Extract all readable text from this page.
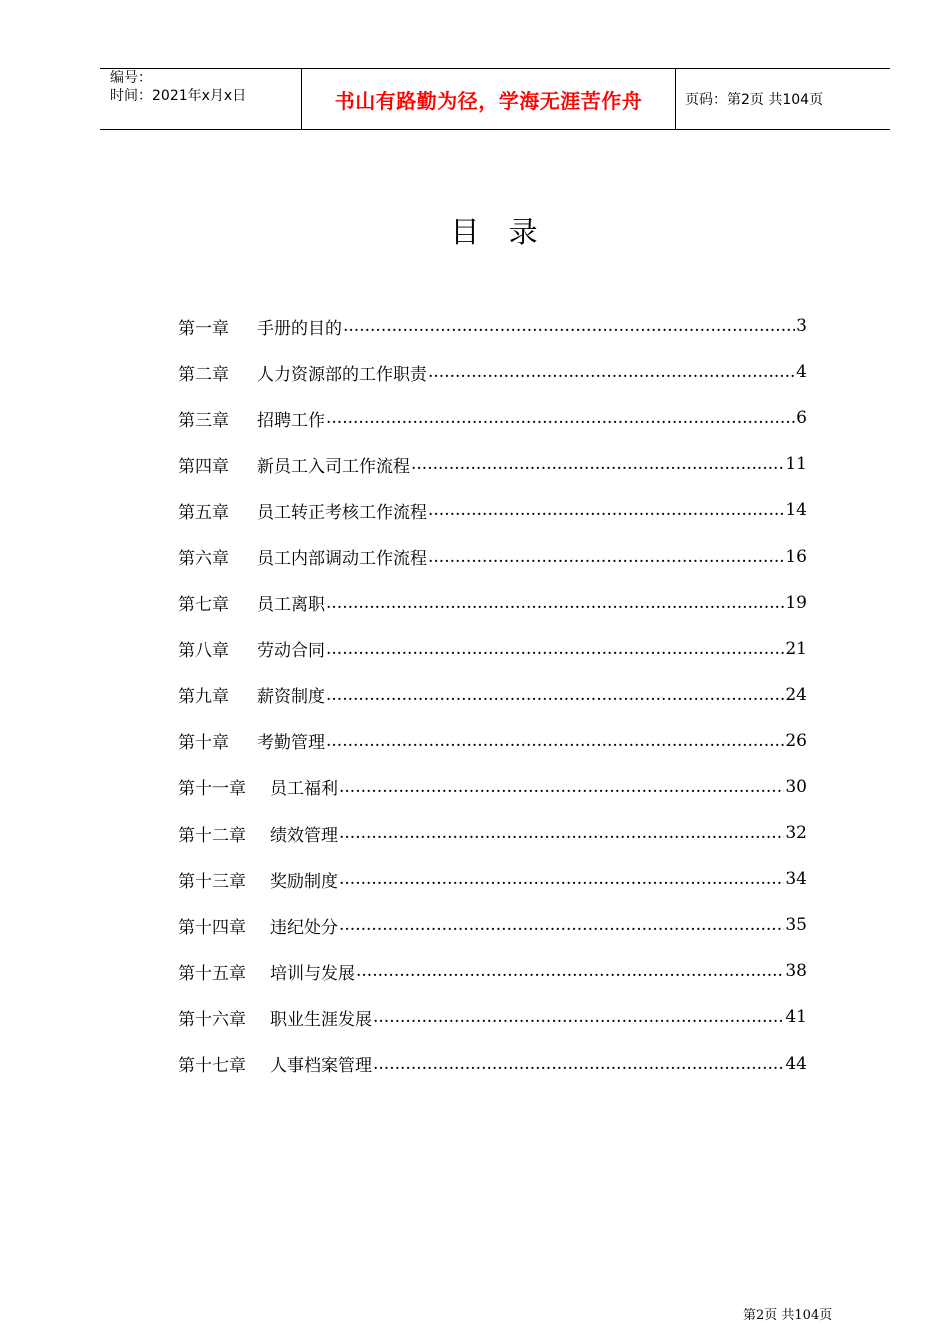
编号：
时间：2021年x月x日	书山有路勤为径，学海无涯苦作舟	页码：第2页 共104页
目 录
第一章 手册的目的 .....	3
第二章 人力资源部的工作职责 .....	4
第三章 招聘工作 .....	6
第四章 新员工入司工作流程 .....	11
第五章 员工转正考核工作流程 .....	14
第六章 员工内部调动工作流程 .....	16
第七章 员工离职 .....	19
第八章 劳动合同 .....	21
第九章 薪资制度 .....	24
第十章 考勤管理 .....	26
第十一章 员工福利 .....	30
第十二章 绩效管理 .....	32
第十三章 奖励制度 .....	34
第十四章 违纪处分 .....	35
第十五章 培训与发展 .....	38
第十六章 职业生涯发展 .....	41
第十七章 人事档案管理 .....	44
第2页 共104页
